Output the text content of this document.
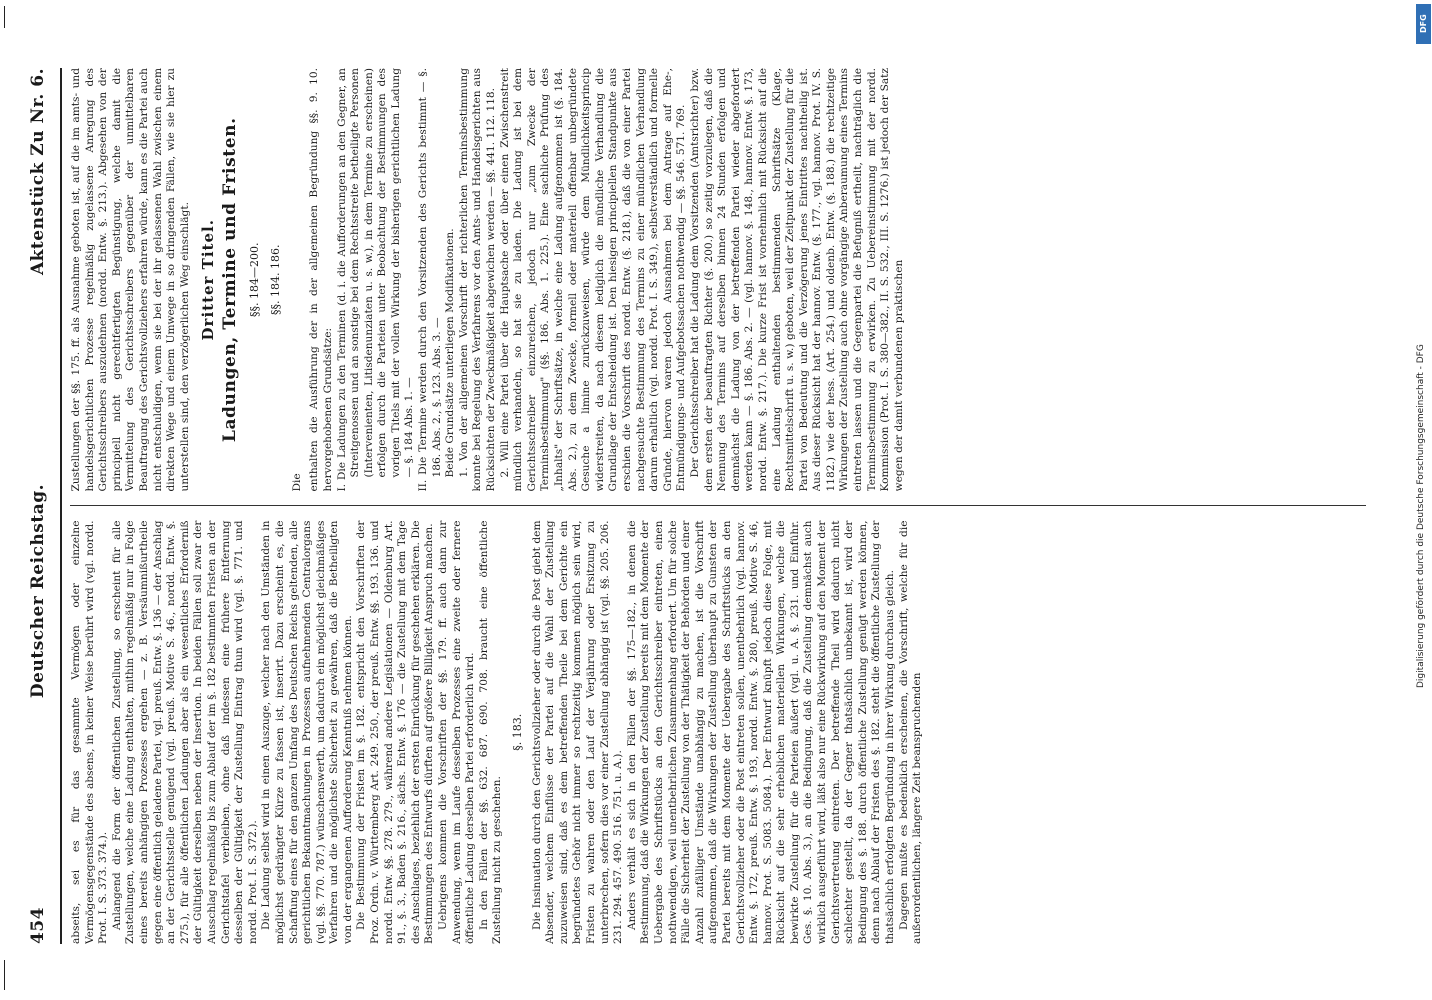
454
Deutscher Reichstag.
Aktenstück Zu Nr. 6.

abseits, sei es für das gesammte Vermögen oder einzelne Vermögensgegenstände des absens, in keiner Weise berührt wird (vgl. nordd. Prot. I. S. 373. 374.). Anlangend die Form der öffentlichen Zustellung, so erscheint für alle Zustellungen, welche eine Ladung enthalten, mithin regelmäßig nur in Folge eines bereits anhängigen Prozesses ergehen — z. B. Versäumnißurtheile gegen eine öffentlich geladene Partei, vgl. preuß. Entw. §. 136 — der Anschlag an der Gerichtsstelle genügend (vgl. preuß. Motive S. 46., nordd. Entw. §. 275.), für alle öffentlichen Ladungen aber als ein wesentliches Erforderniß der Gültigkeit derselben neben der Insertion. In beiden Fällen soll zwar der Ausschlag regelmäßig bis zum Ablauf der im §. 182 bestimmten Fristen an der Gerichtstafel verbleiben, ohne daß indessen eine frühere Entfernung desselben der Gültigkeit der Zustellung Eintrag thun wird (vgl. §. 771. und nordd. Prot. I. S. 372.). Die Ladung selbst wird in einen Auszuge, welcher nach den Umständen in möglichst gedrängter Kürze zu fassen ist, inserirt. Dazu erscheint es, die Schaffung eines für den ganzen Umfang des Deutschen Reichs geltenden, alle gerichtlichen Bekanntmachungen in Prozessen aufnehmenden Centralorgans (vgl. §§. 770. 787.) wünschenswerth, um dadurch ein möglichst gleichmäßiges Verfahren und die möglichste Sicherheit zu gewähren, daß die Betheiligten von der ergangenen Aufforderung Kenntniß nehmen können. Die Bestimmung der Fristen im §. 182. entspricht den Vorschriften der Proz. Ordn. v. Württemberg Art. 249. 250., der preuß. Entw. §§. 193. 136. und nordd. Entw. §§. 278. 279., während andere Legislationen — Oldenburg Art. 91., §. 3., Baden §. 216., sächs. Entw. §. 176 — die Zustellung mit dem Tage des Anschlages, beziehlich der ersten Einrückung für geschehen erklären. Die Bestimmungen des Entwurfs dürften auf größere Billigkeit Anspruch machen. Uebrigens kommen die Vorschriften der §§. 179. ff. auch dann zur Anwendung, wenn im Laufe desselben Prozesses eine zweite oder fernere öffentliche Ladung derselben Partei erforderlich wird. In den Fällen der §§. 632. 687. 690. 708. braucht eine öffentliche Zustellung nicht zu geschehen.

§. 183. Die Insinuation durch den Gerichtsvollzieher oder durch die Post giebt dem Absender, welchem Einflüsse der Partei auf die Wahl der Zustellung zuzuweisen sind, daß es dem betreffenden Theile bei dem Gerichte ein begründetes Gehör nicht immer so rechtzeitig kommen möglich sein wird, Fristen zu wahren oder den Lauf der Verjährung oder Ersitzung zu unterbrechen, sofern dies vor einer Zustellung abhängig ist (vgl. §§. 205. 206. 231. 294. 457. 490. 516. 751. u. A.). Anders verhält es sich in den Fällen der §§. 175—182., in denen die Bestimmung, daß die Wirkungen der Zustellung bereits mit dem Momente der Uebergabe des Schriftstücks an den Gerichtsschreiber eintreten, einen nothwendigen, weil unentbehrlichen Zusammenhang erfordert. Um für solche Fälle die Sicherheit der Zustellung von der Thätigkeit der Behörden und einer Anzahl zufälliger Umstände unabhängig zu machen, ist die Vorschrift aufgenommen, daß die Wirkungen der Zustellung überhaupt zu Gunsten der Partei bereits mit dem Momente der Uebergabe des Schriftstücks an den Gerichtsvollzieher oder die Post eintreten sollen, unentbehrlich (vgl. hannov. Entw. §. 172, preuß. Entw. §. 193, nordd. Entw. §. 280, preuß. Motive S. 46, hannov. Prot. S. 5083. 5084.). Der Entwurf knüpft jedoch diese Folge, mit Rücksicht auf die sehr erheblichen materiellen Wirkungen, welche die bewirkte Zustellung für die Parteien äußert (vgl. u. A. §. 231. und Einführ. Ges. §. 10. Abs. 3.), an die Bedingung, daß die Zustellung demnächst auch wirklich ausgeführt wird, läßt also nur eine Rückwirkung auf den Moment der Gerichtsvertretung eintreten. Der betreffende Theil wird dadurch nicht schlechter gestellt, da der Gegner thatsächlich unbekannt ist, wird der Bedingung des §. 188. durch öffentliche Zustellung genügt werden können, denn nach Ablauf der Fristen des §. 182. steht die öffentliche Zustellung der thatsächlich erfolgten Begründung in ihrer Wirkung durchaus gleich. Dagegen mußte es bedenklich erscheinen, die Vorschrift, welche für die außerordentlichen, längere Zeit beanspruchenden

Zustellungen der §§. 175. ff. als Ausnahme geboten ist, auf die im amts- und handelsgerichtlichen Prozesse regelmäßig zugelassene Anregung des Gerichtsschreibers auszudehnen (nordd. Entw. §. 213.). Abgesehen von der principiell nicht gerechtfertigten Begünstigung, welche damit die Vermittelung des Gerichtsschreibers gegenüber der unmittelbaren Beauftragung des Gerichtsvollziehers erfahren würde, kann es die Partei auch nicht entschuldigen, wenn sie bei der ihr gelassenen Wahl zwischen einem direkten Wege und einem Umwege in so dringenden Fällen, wie sie hier zu unterstellen sind, den verzögerlichen Weg einschlägt. Dritter Titel. Ladungen, Termine und Fristen. §§. 184—200. §§. 184. 186.

Die enthalten die Ausführung der in der allgemeinen Begründung §§. 9. 10. hervorgehobenen Grundsätze: I. Die Ladungen zu den Terminen (d. i. die Aufforderungen an den Gegner, an Streitgenossen und an sonstige bei dem Rechtsstreite betheiligte Personen (Intervenienten, Litisdenunziaten u. s. w.), in dem Termine zu erscheinen) erfolgen durch die Parteien unter Beobachtung der Bestimmungen des vorigen Titels mit der vollen Wirkung der bisherigen gerichtlichen Ladung — §. 184 Abs. 1. — II. Die Termine werden durch den Vorsitzenden des Gerichts bestimmt — §. 186. Abs. 2., §. 123. Abs. 3. — Beide Grundsätze unterliegen Modifikationen. 1. Von der allgemeinen Vorschrift der richterlichen Terminsbestimmung konnte bei Regelung des Verfahrens vor den Amts- und Handelsgerichten aus Rücksichten der Zweckmäßigkeit abgewichen werden — §§. 441. 112. 118. 2. Will eine Partei über die Hauptsache oder über einen Zwischenstreit mündlich verhandeln, so hat sie zu laden. Die Ladung ist bei dem Gerichtsschreiber einzureichen, jedoch nur „zum Zwecke der Terminsbestimmung" (§§. 186. Abs. 1. 225.). Eine sachliche Prüfung des „Inhalts" der Schriftsätze, in welche eine Ladung aufgenommen ist (§. 184. Abs. 2.), zu dem Zwecke, formell oder materiell offenbar unbegründete Gesuche a limine zurückzuweisen, würde dem Mündlichkeitsprincip widerstreiten, da nach diesem lediglich die mündliche Verhandlung die Grundlage der Entscheidung ist. Den hiesigen principiellen Standpunkte aus erschien die Vorschrift des nordd. Entw. (§. 218.), daß die von einer Partei nachgesuchte Bestimmung des Termins zu einer mündlichen Verhandlung darum erhaltlich (vgl. nordd. Prot. I. S. 349.), selbstverständlich und formelle Gründe, hiervon waren jedoch Ausnahmen bei dem Antrage auf Ehe-, Entmündigungs- und Aufgebotssachen nothwendig — §§. 546. 571. 769. Der Gerichtsschreiber hat die Ladung dem Vorsitzenden (Amtsrichter) bzw. dem ersten der beauftragten Richter (§. 200.) so zeitig vorzulegen, daß die Nennung des Termins auf derselben binnen 24 Stunden erfolgen und demnächst die Ladung von der betreffenden Partei wieder abgefordert werden kann — §. 186. Abs. 2. — (vgl. hannov. §. 148., hannov. Entw. §. 173, nordd. Entw. §. 217.). Die kurze Frist ist vornehmlich mit Rücksicht auf die eine Ladung enthaltenden bestimmenden Schriftsätze (Klage, Rechtsmittelschrift u. s. w.) geboten, weil der Zeitpunkt der Zustellung für die Partei von Bedeutung und die Verzögerung jenes Eintrittes nachtheilig ist. Aus dieser Rücksicht hat der hannov. Entw. (§. 177., vgl. hannov. Prot. IV. S. 1182.) wie der hess. (Art. 254.) und oldenb. Entw. (§. 188.) die rechtzeitige Wirkungen der Zustellung auch ohne vorgängige Anberaumung eines Termins eintreten lassen und die Gegenpartei die Befugniß ertheilt, nachträglich die Terminsbestimmung zu erwirken. Zu Uebereinstimmung mit der nordd. Kommission (Prot. I. S. 380—382., II. S. 532., III. S. 1276.) ist jedoch der Satz wegen der damit verbundenen praktischen

DFG
Digitalisierung gefördert durch die Deutsche Forschungsgemeinschaft - DFG
